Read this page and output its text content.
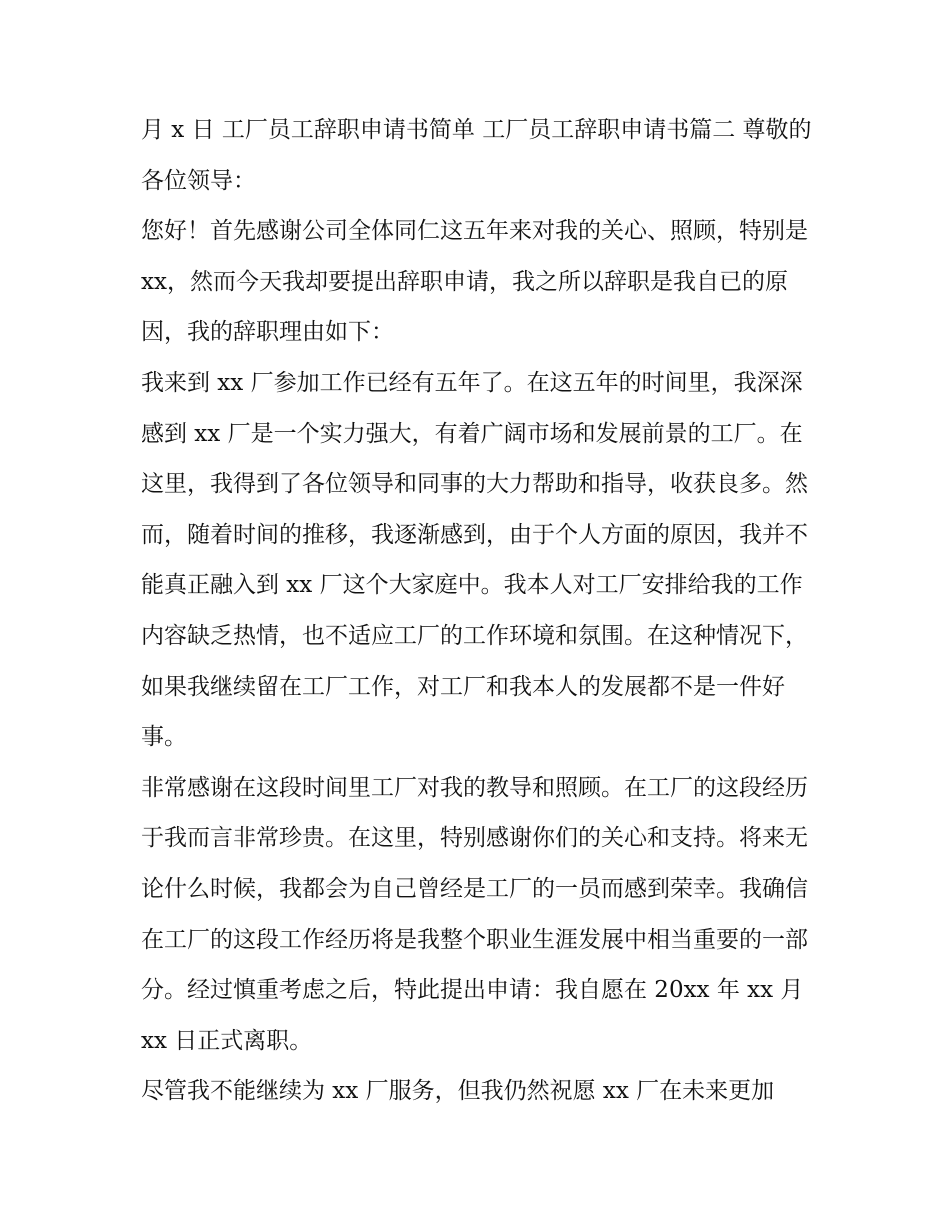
月 x 日 工厂员工辞职申请书简单 工厂员工辞职申请书篇二 尊敬的各位领导：

您好！首先感谢公司全体同仁这五年来对我的关心、照顾，特别是 xx，然而今天我却要提出辞职申请，我之所以辞职是我自已的原因，我的辞职理由如下：

我来到 xx 厂参加工作已经有五年了。在这五年的时间里，我深深感到 xx 厂是一个实力强大，有着广阔市场和发展前景的工厂。在这里，我得到了各位领导和同事的大力帮助和指导，收获良多。然而，随着时间的推移，我逐渐感到，由于个人方面的原因，我并不能真正融入到 xx 厂这个大家庭中。我本人对工厂安排给我的工作内容缺乏热情，也不适应工厂的工作环境和氛围。在这种情况下，如果我继续留在工厂工作，对工厂和我本人的发展都不是一件好事。

非常感谢在这段时间里工厂对我的教导和照顾。在工厂的这段经历于我而言非常珍贵。在这里，特别感谢你们的关心和支持。将来无论什么时候，我都会为自己曾经是工厂的一员而感到荣幸。我确信在工厂的这段工作经历将是我整个职业生涯发展中相当重要的一部分。经过慎重考虑之后，特此提出申请：我自愿在 20xx 年 xx 月 xx 日正式离职。

尽管我不能继续为 xx 厂服务，但我仍然祝愿 xx 厂在未来更加
